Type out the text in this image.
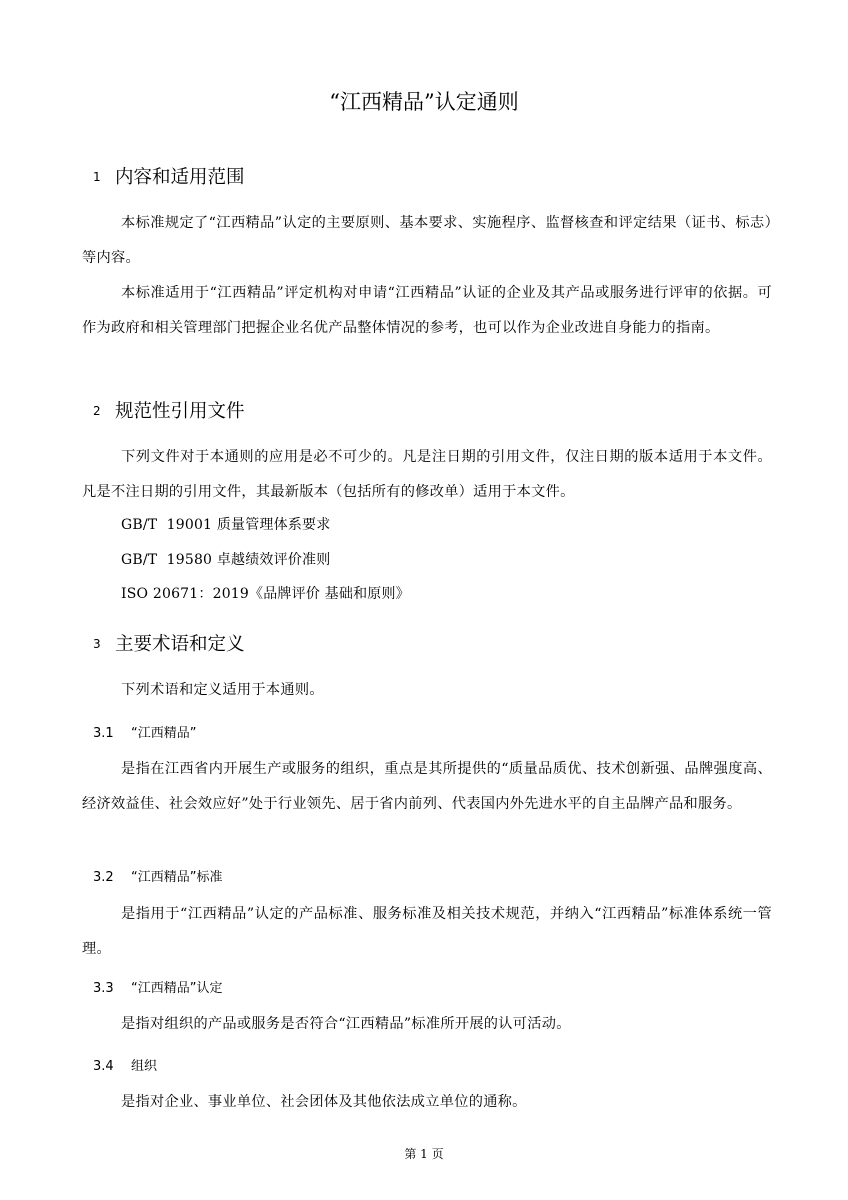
“江西精品”认定通则
1 内容和适用范围
本标准规定了“江西精品”认定的主要原则、基本要求、实施程序、监督核查和评定结果（证书、标志）等内容。
本标准适用于“江西精品”评定机构对申请“江西精品”认证的企业及其产品或服务进行评审的依据。可作为政府和相关管理部门把握企业名优产品整体情况的参考，也可以作为企业改进自身能力的指南。
2 规范性引用文件
下列文件对于本通则的应用是必不可少的。凡是注日期的引用文件，仅注日期的版本适用于本文件。凡是不注日期的引用文件，其最新版本（包括所有的修改单）适用于本文件。
GB/T  19001 质量管理体系要求
GB/T  19580 卓越绩效评价准则
ISO 20671：2019《品牌评价 基础和原则》
3 主要术语和定义
下列术语和定义适用于本通则。
3.1 “江西精品”
是指在江西省内开展生产或服务的组织，重点是其所提供的“质量品质优、技术创新强、品牌强度高、经济效益佳、社会效应好”处于行业领先、居于省内前列、代表国内外先进水平的自主品牌产品和服务。
3.2 “江西精品”标准
是指用于“江西精品”认定的产品标准、服务标准及相关技术规范，并纳入“江西精品”标准体系统一管理。
3.3 “江西精品”认定
是指对组织的产品或服务是否符合“江西精品”标准所开展的认可活动。
3.4 组织
是指对企业、事业单位、社会团体及其他依法成立单位的通称。
第 1 页
